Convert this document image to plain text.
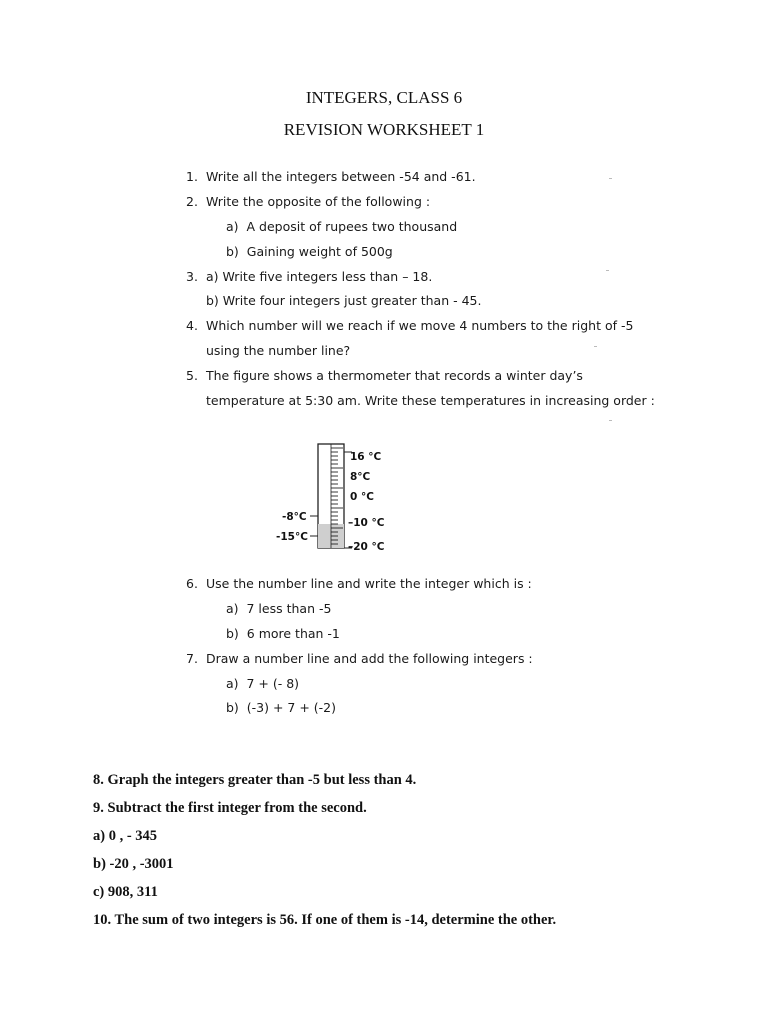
INTEGERS, CLASS 6
REVISION WORKSHEET 1
1. Write all the integers between -54 and -61.
2. Write the opposite of the following :
a) A deposit of rupees two thousand
b) Gaining weight of 500g
3. a) Write five integers less than – 18.
b) Write four integers just greater than - 45.
4. Which number will we reach if we move 4 numbers to the right of -5
using the number line?
5. The figure shows a thermometer that records a winter day’s
temperature at 5:30 am. Write these temperatures in increasing order :
16 °C
8°C
0 °C
–10 °C
–20 °C
-8°C
-15°C
6. Use the number line and write the integer which is :
a) 7 less than -5
b) 6 more than -1
7. Draw a number line and add the following integers :
a) 7 + (- 8)
b) (-3) + 7 + (-2)
8. Graph the integers greater than -5 but less than 4.
9. Subtract the first integer from the second.
a) 0 , - 345
b) -20 , -3001
c) 908, 311
10. The sum of two integers is 56. If one of them is -14, determine the other.
